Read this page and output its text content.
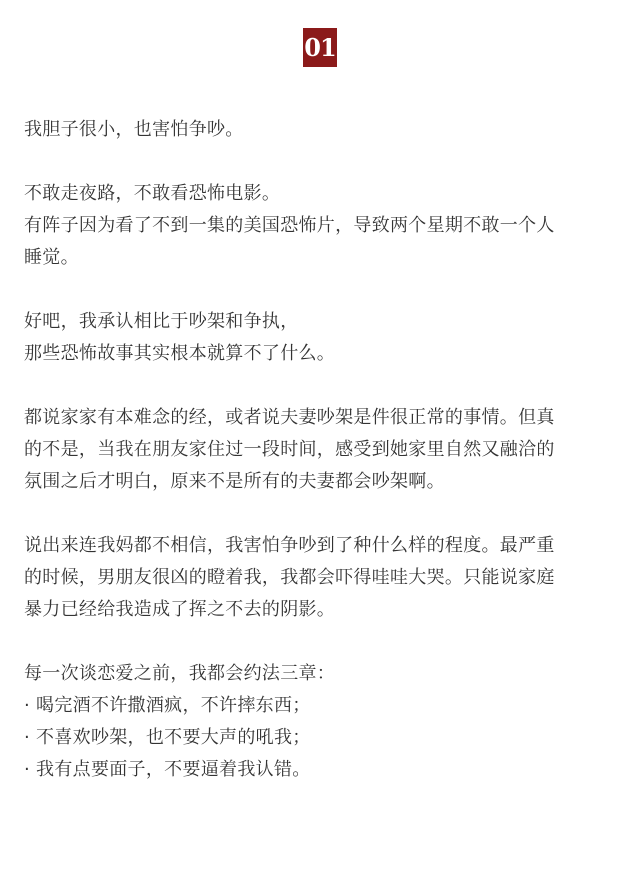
01
我胆子很小，也害怕争吵。
不敢走夜路，不敢看恐怖电影。
有阵子因为看了不到一集的美国恐怖片，导致两个星期不敢一个人
睡觉。
好吧，我承认相比于吵架和争执，
那些恐怖故事其实根本就算不了什么。
都说家家有本难念的经，或者说夫妻吵架是件很正常的事情。但真
的不是，当我在朋友家住过一段时间，感受到她家里自然又融洽的
氛围之后才明白，原来不是所有的夫妻都会吵架啊。
说出来连我妈都不相信，我害怕争吵到了种什么样的程度。最严重
的时候，男朋友很凶的瞪着我，我都会吓得哇哇大哭。只能说家庭
暴力已经给我造成了挥之不去的阴影。
每一次谈恋爱之前，我都会约法三章：
· 喝完酒不许撒酒疯，不许摔东西；
· 不喜欢吵架，也不要大声的吼我；
· 我有点要面子，不要逼着我认错。
